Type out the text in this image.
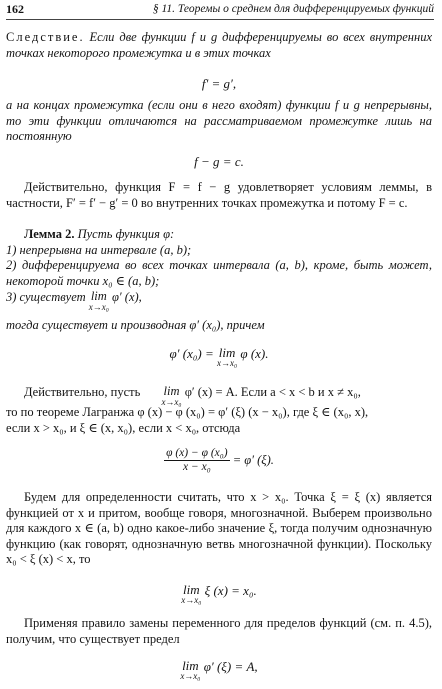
162	§ 11. Теоремы о среднем для дифференцируемых функций
Следствие. Если две функции f и g дифференцируемы во всех внутренних точках некоторого промежутка и в этих точках
f′ = g′,
а на концах промежутка (если они в него входят) функции f и g непрерывны, то эти функции отличаются на рассматриваемом промежутке лишь на постоянную
f − g = c.
Действительно, функция F = f − g удовлетворяет условиям леммы, в частности, F′ = f′ − g′ = 0 во внутренних точках промежутка и потому F = c.
Лемма 2. Пусть функция φ:
1) непрерывна на интервале (a, b);
2) дифференцируема во всех точках интервала (a, b), кроме, быть может, некоторой точки x₀ ∈ (a, b);
3) существует lim
x→x₀
φ′ (x),
тогда существует и производная φ′ (x₀), причем
φ′ (x₀) = lim
x→x₀
φ (x).
Действительно, пусть lim
x→x₀
φ′ (x) = A. Если a < x < b и x ≠ x₀,
то по теореме Лагранжа φ (x) − φ (x₀) = φ′ (ξ) (x − x₀), где ξ ∈ (x₀, x),
если x > x₀, и ξ ∈ (x, x₀), если x < x₀, отсюда
$\frac{\text{φ (x) − φ (x₀)}}{\text{x − x₀}} = \varphi'$ (ξ).
Будем для определенности считать, что x > x₀. Точка ξ = ξ (x) является функцией от x и притом, вообще говоря, многозначной. Выберем произвольно для каждого x ∈ (a, b) одно какое-либо значение ξ, тогда получим однозначную функцию (как говорят, однозначную ветвь многозначной функции). Поскольку x₀ < ξ (x) < x, то
lim
x→x₀
ξ (x) = x₀.
Применяя правило замены переменного для пределов функций (см. п. 4.5), получим, что существует предел
lim
x→x₀
φ′ (ξ) = A,
